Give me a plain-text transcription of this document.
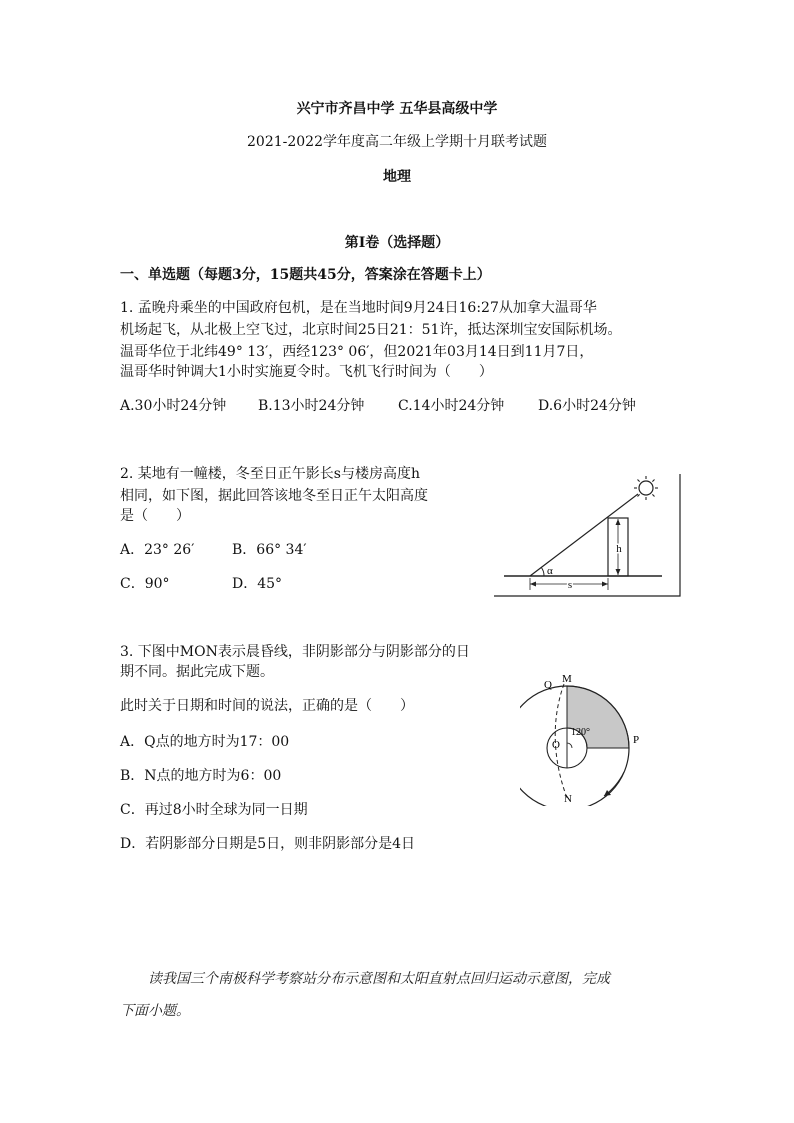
兴宁市齐昌中学 五华县高级中学
2021-2022学年度高二年级上学期十月联考试题
地理
第I卷（选择题）
一、单选题（每题3分，15题共45分，答案涂在答题卡上）
1. 孟晚舟乘坐的中国政府包机，是在当地时间9月24日16:27从加拿大温哥华
机场起飞，从北极上空飞过，北京时间25日21：51许，抵达深圳宝安国际机场。
温哥华位于北纬49° 13′，西经123° 06′，但2021年03月14日到11月7日，
温哥华时钟调大1小时实施夏令时。飞机飞行时间为（　　）
A.30小时24分钟 B.13小时24分钟 C.14小时24分钟 D.6小时24分钟
2. 某地有一幢楼，冬至日正午影长s与楼房高度h
相同，如下图，据此回答该地冬至日正午太阳高度
是（　　）
A．23° 26′	B．66° 34′
C．90°	D．45°
h
α
s
3. 下图中MON表示晨昏线，非阴影部分与阴影部分的日
期不同。据此完成下题。
此时关于日期和时间的说法，正确的是（　　）
A．Q点的地方时为17：00
B．N点的地方时为6：00
C．再过8小时全球为同一日期
D．若阴影部分日期是5日，则非阴影部分是4日
Q M
O	P
N
120°
读我国三个南极科学考察站分布示意图和太阳直射点回归运动示意图，完成
下面小题。
